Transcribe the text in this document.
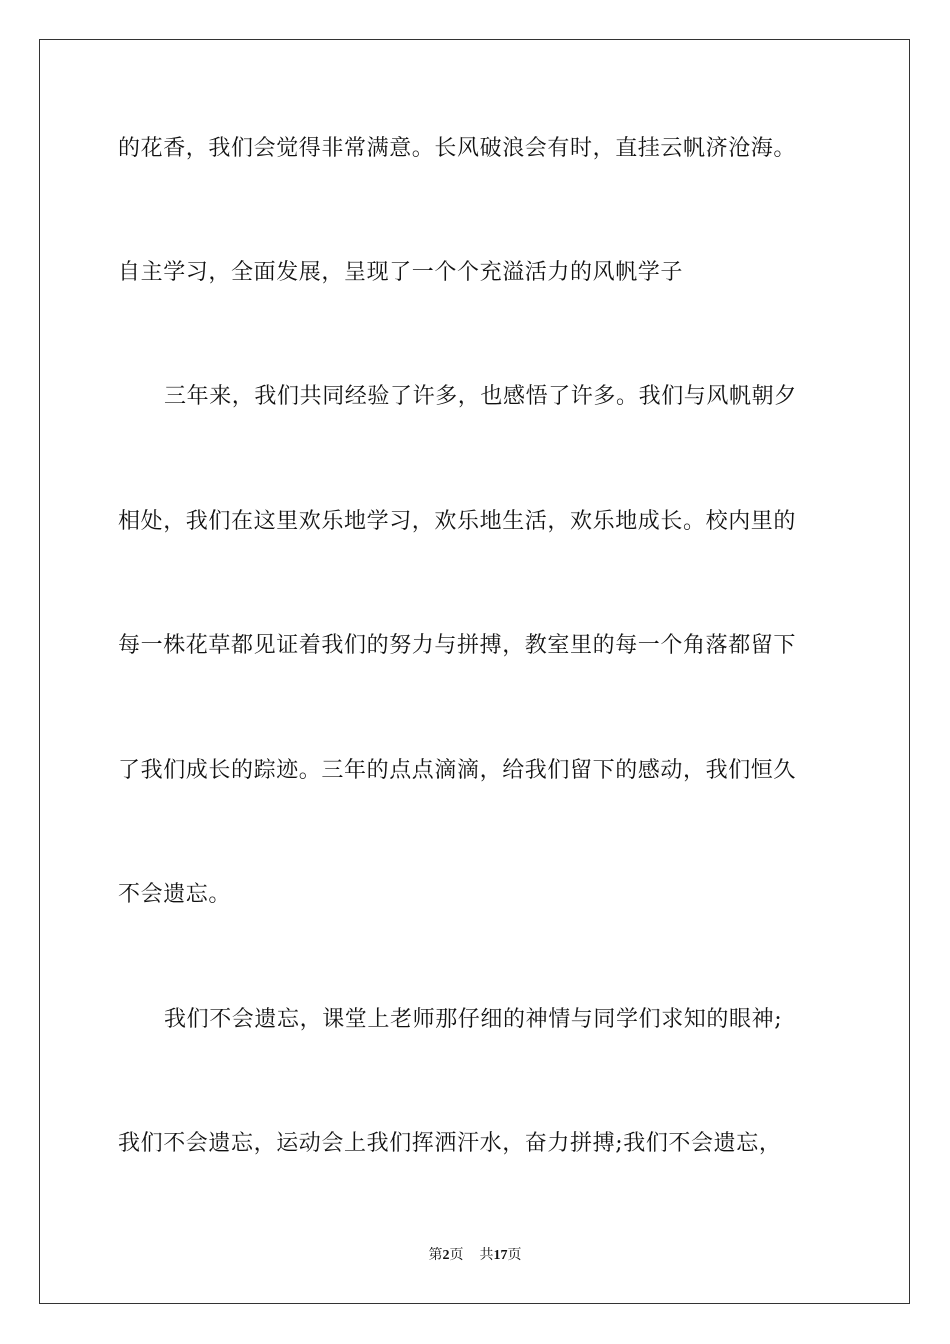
的花香，我们会觉得非常满意。长风破浪会有时，直挂云帆济沧海。
自主学习，全面发展，呈现了一个个充溢活力的风帆学子
三年来，我们共同经验了许多，也感悟了许多。我们与风帆朝夕
相处，我们在这里欢乐地学习，欢乐地生活，欢乐地成长。校内里的
每一株花草都见证着我们的努力与拼搏，教室里的每一个角落都留下
了我们成长的踪迹。三年的点点滴滴，给我们留下的感动，我们恒久
不会遗忘。
我们不会遗忘，课堂上老师那仔细的神情与同学们求知的眼神;
我们不会遗忘，运动会上我们挥洒汗水，奋力拼搏;我们不会遗忘，
第2页 共17页
